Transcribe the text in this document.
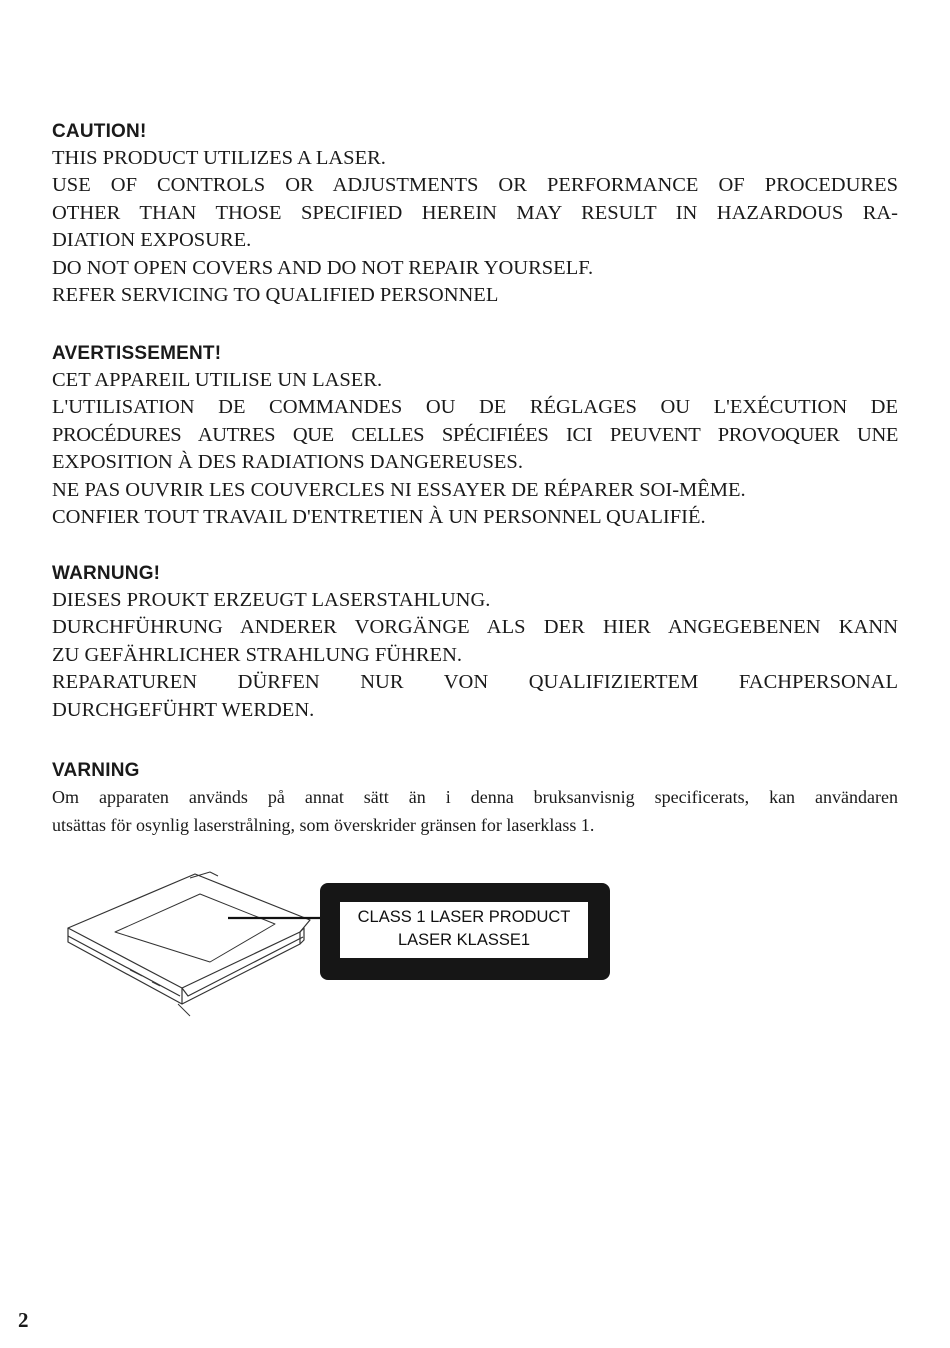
CAUTION!
THIS PRODUCT UTILIZES A LASER.
USE OF CONTROLS OR ADJUSTMENTS OR PERFORMANCE OF PROCEDURES
OTHER THAN THOSE SPECIFIED HEREIN MAY RESULT IN HAZARDOUS RA-
DIATION EXPOSURE.
DO NOT OPEN COVERS AND DO NOT REPAIR YOURSELF.
REFER SERVICING TO QUALIFIED PERSONNEL
AVERTISSEMENT!
CET APPAREIL UTILISE UN LASER.
L'UTILISATION DE COMMANDES OU DE RÉGLAGES OU L'EXÉCUTION DE
PROCÉDURES AUTRES QUE CELLES SPÉCIFIÉES ICI PEUVENT PROVOQUER UNE
EXPOSITION À DES RADIATIONS DANGEREUSES.
NE PAS OUVRIR LES COUVERCLES NI ESSAYER DE RÉPARER SOI-MÊME.
CONFIER TOUT TRAVAIL D'ENTRETIEN À UN PERSONNEL QUALIFIÉ.
WARNUNG!
DIESES PROUKT ERZEUGT LASERSTAHLUNG.
DURCHFÜHRUNG ANDERER VORGÄNGE ALS DER HIER ANGEGEBENEN KANN
ZU GEFÄHRLICHER STRAHLUNG FÜHREN.
REPARATUREN DÜRFEN NUR VON QUALIFIZIERTEM FACHPERSONAL
DURCHGEFÜHRT WERDEN.
VARNING
Om apparaten används på annat sätt än i denna bruksanvisnig specificerats, kan användaren
utsättas för osynlig laserstrålning, som överskrider gränsen for laserklass 1.
CLASS 1 LASER PRODUCT
LASER KLASSE1
2
